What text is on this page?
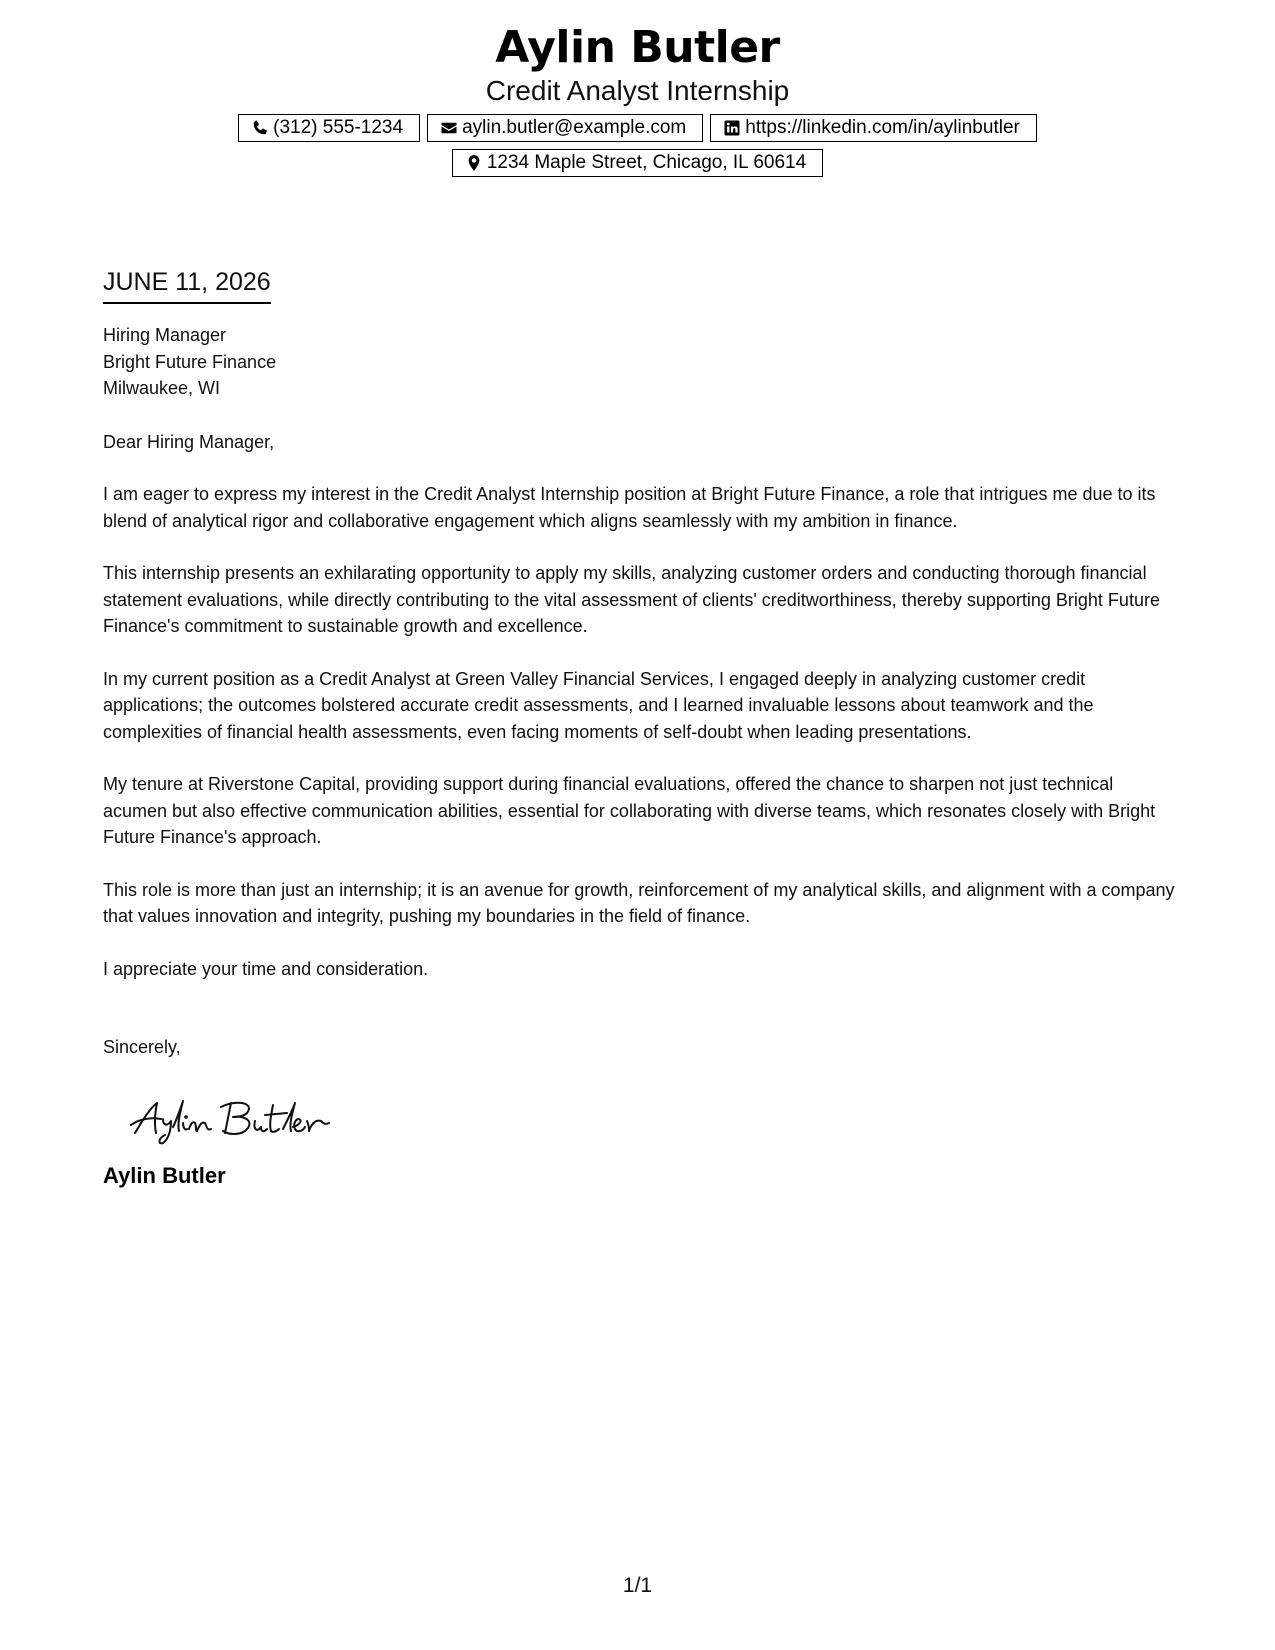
Aylin Butler
Credit Analyst Internship
(312) 555-1234	aylin.butler@example.com	https://linkedin.com/in/aylinbutler
1234 Maple Street, Chicago, IL 60614
JUNE 11, 2026
Hiring Manager
Bright Future Finance
Milwaukee, WI
Dear Hiring Manager,
I am eager to express my interest in the Credit Analyst Internship position at Bright Future Finance, a role that intrigues me due to its blend of analytical rigor and collaborative engagement which aligns seamlessly with my ambition in finance.
This internship presents an exhilarating opportunity to apply my skills, analyzing customer orders and conducting thorough financial statement evaluations, while directly contributing to the vital assessment of clients' creditworthiness, thereby supporting Bright Future Finance's commitment to sustainable growth and excellence.
In my current position as a Credit Analyst at Green Valley Financial Services, I engaged deeply in analyzing customer credit applications; the outcomes bolstered accurate credit assessments, and I learned invaluable lessons about teamwork and the complexities of financial health assessments, even facing moments of self-doubt when leading presentations.
My tenure at Riverstone Capital, providing support during financial evaluations, offered the chance to sharpen not just technical acumen but also effective communication abilities, essential for collaborating with diverse teams, which resonates closely with Bright Future Finance's approach.
This role is more than just an internship; it is an avenue for growth, reinforcement of my analytical skills, and alignment with a company that values innovation and integrity, pushing my boundaries in the field of finance.
I appreciate your time and consideration.
Sincerely,
Aylin Butler
1/1
